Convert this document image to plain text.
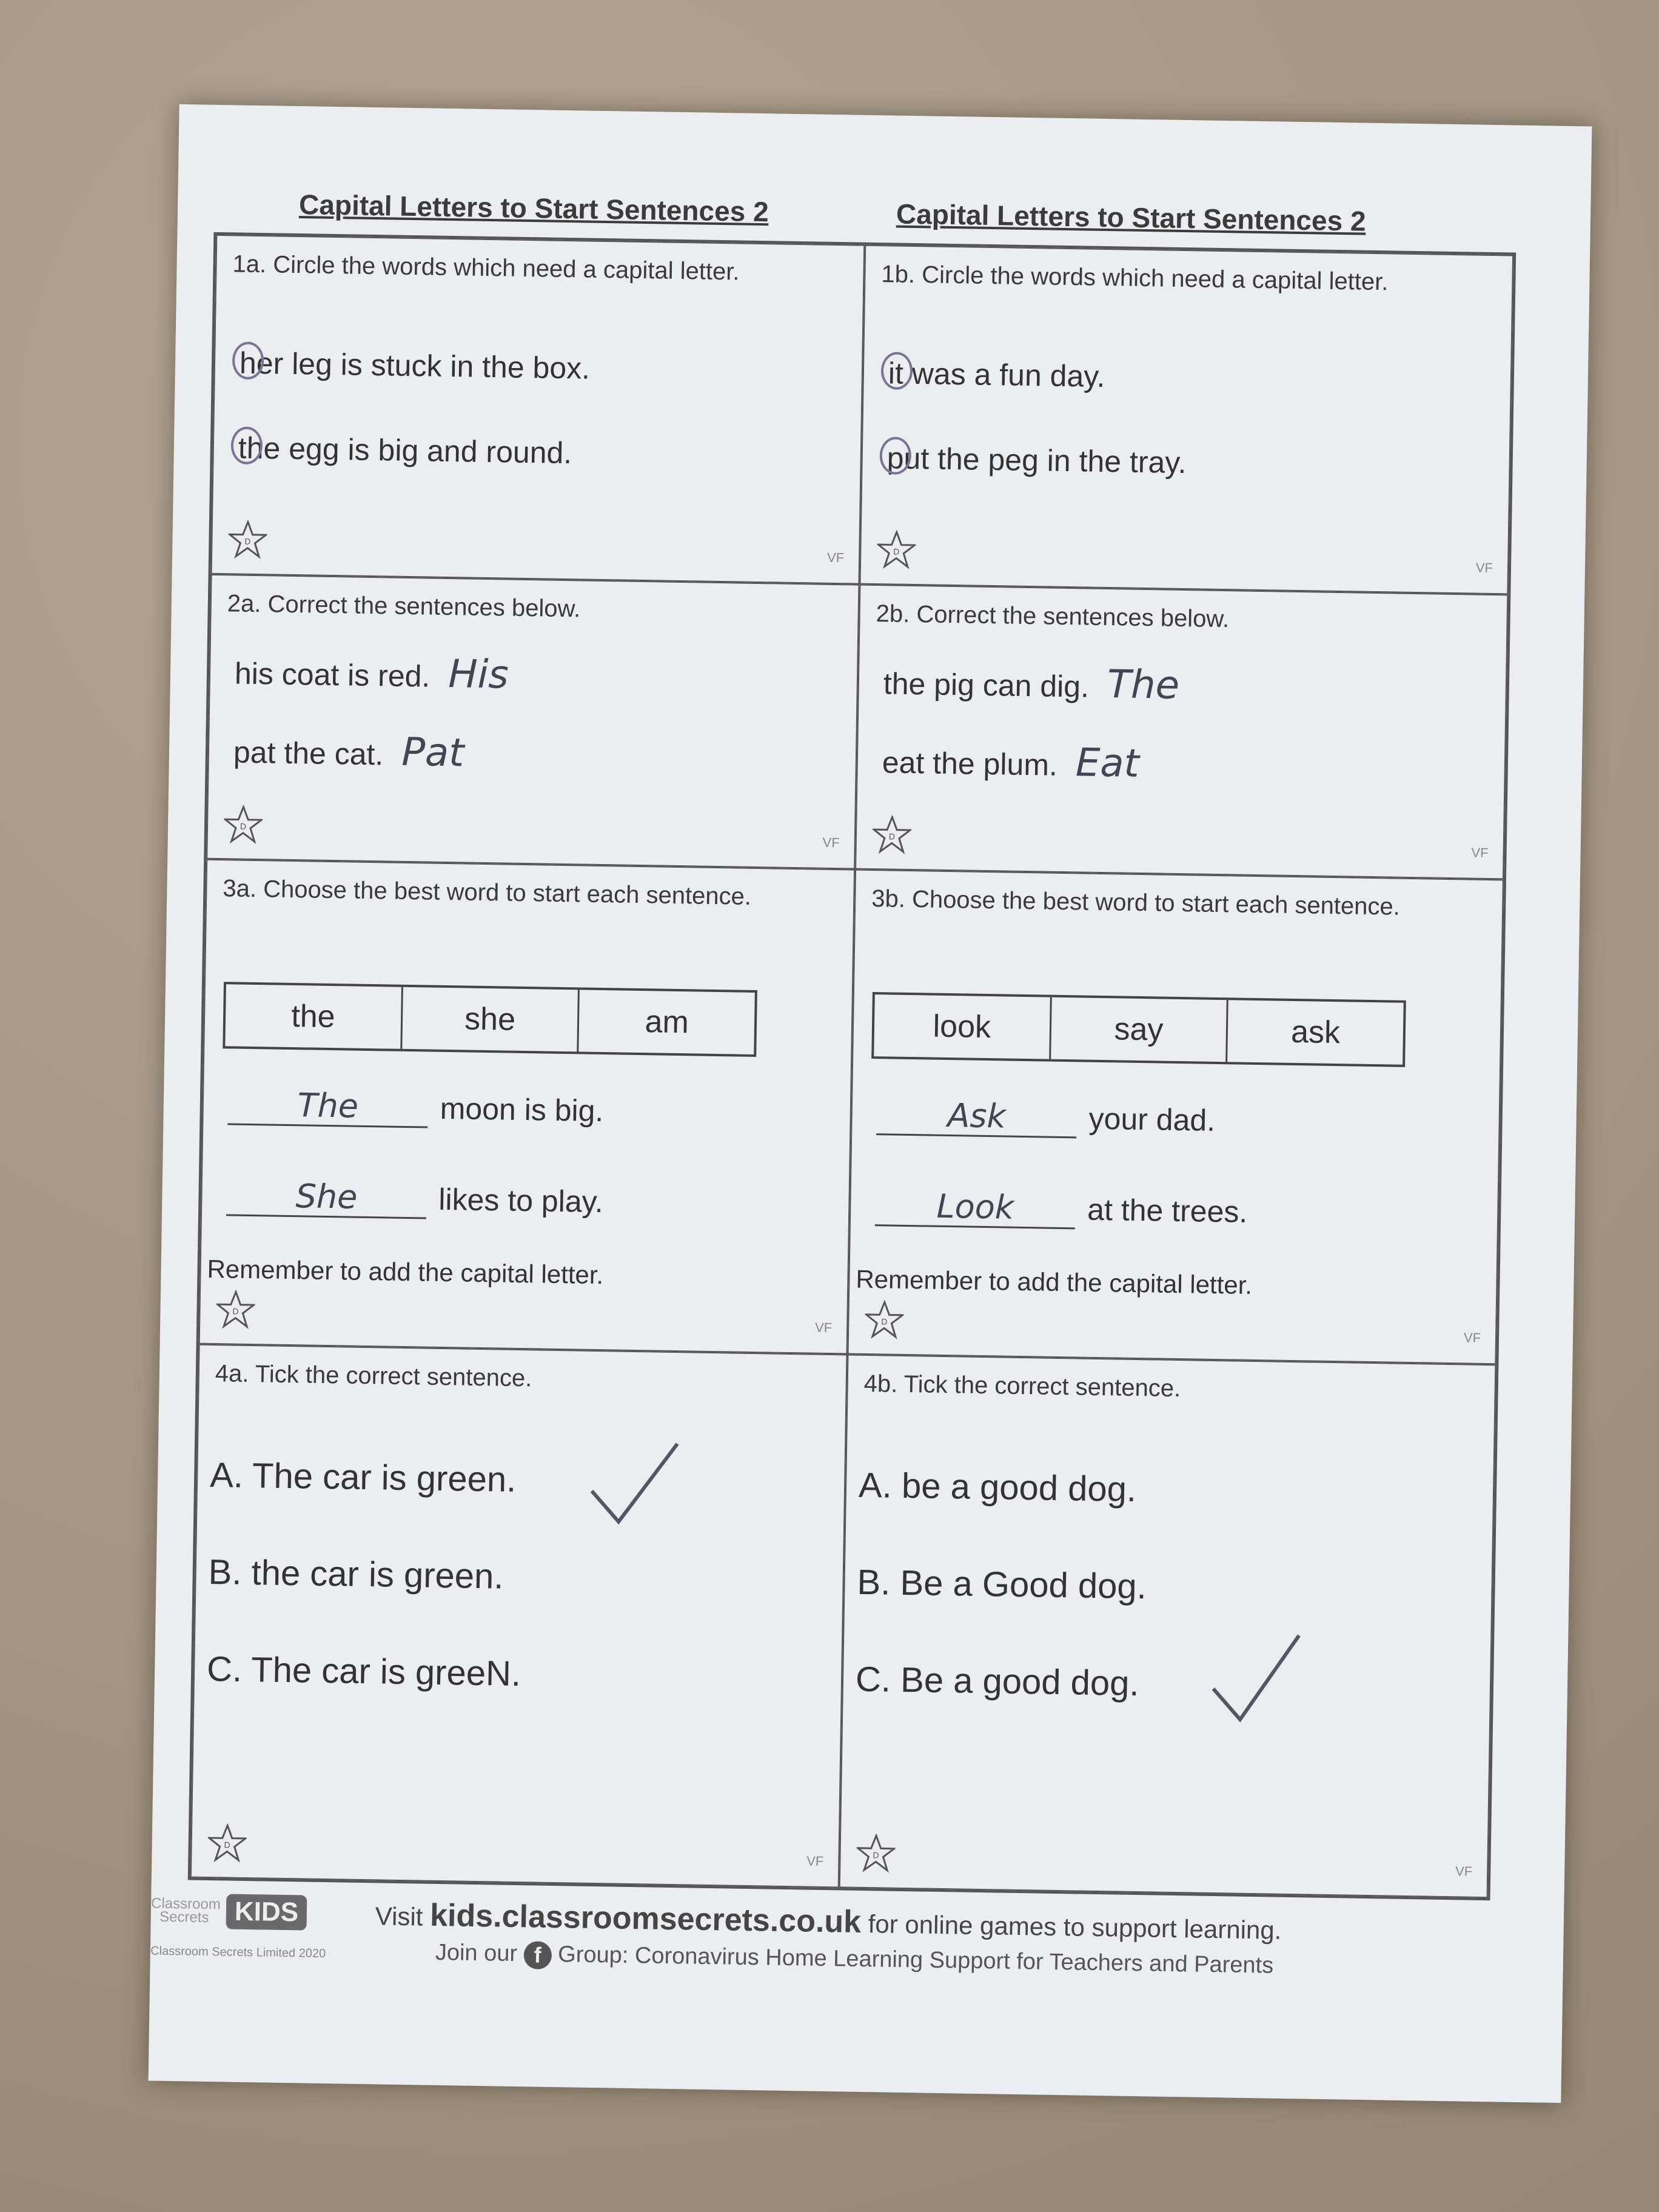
Capital Letters to Start Sentences 2	Capital Letters to Start Sentences 2

1a. Circle the words which need a capital letter.

her leg is stuck in the box.
the egg is big and round.
D
VF

1b. Circle the words which need a capital letter.

it was a fun day.
put the peg in the tray.
D
VF

2a. Correct the sentences below.

his coat is red. His
pat the cat. Pat
D
VF

2b. Correct the sentences below.

the pig can dig. The
eat the plum. Eat
D
VF

3a. Choose the best word to start each sentence.

the	she	am
The	moon is big.
She	likes to play.
Remember to add the capital letter.
D
VF

3b. Choose the best word to start each sentence.

look	say	ask
Ask	your dad.
Look at the trees.
Remember to add the capital letter.
D
VF

4a. Tick the correct sentence.

A. The car is green.
B. the car is green.
C. The car is greeN.
D
VF

4b. Tick the correct sentence.

A. be a good dog.
B. Be a Good dog.
C. Be a good dog.
D
VF
Classroom Secrets KIDS	Visit kids.classroomsecrets.co.uk for online games to support learning.
Join our f Group: Coronavirus Home Learning Support for Teachers and Parents
© Classroom Secrets Limited 2020
